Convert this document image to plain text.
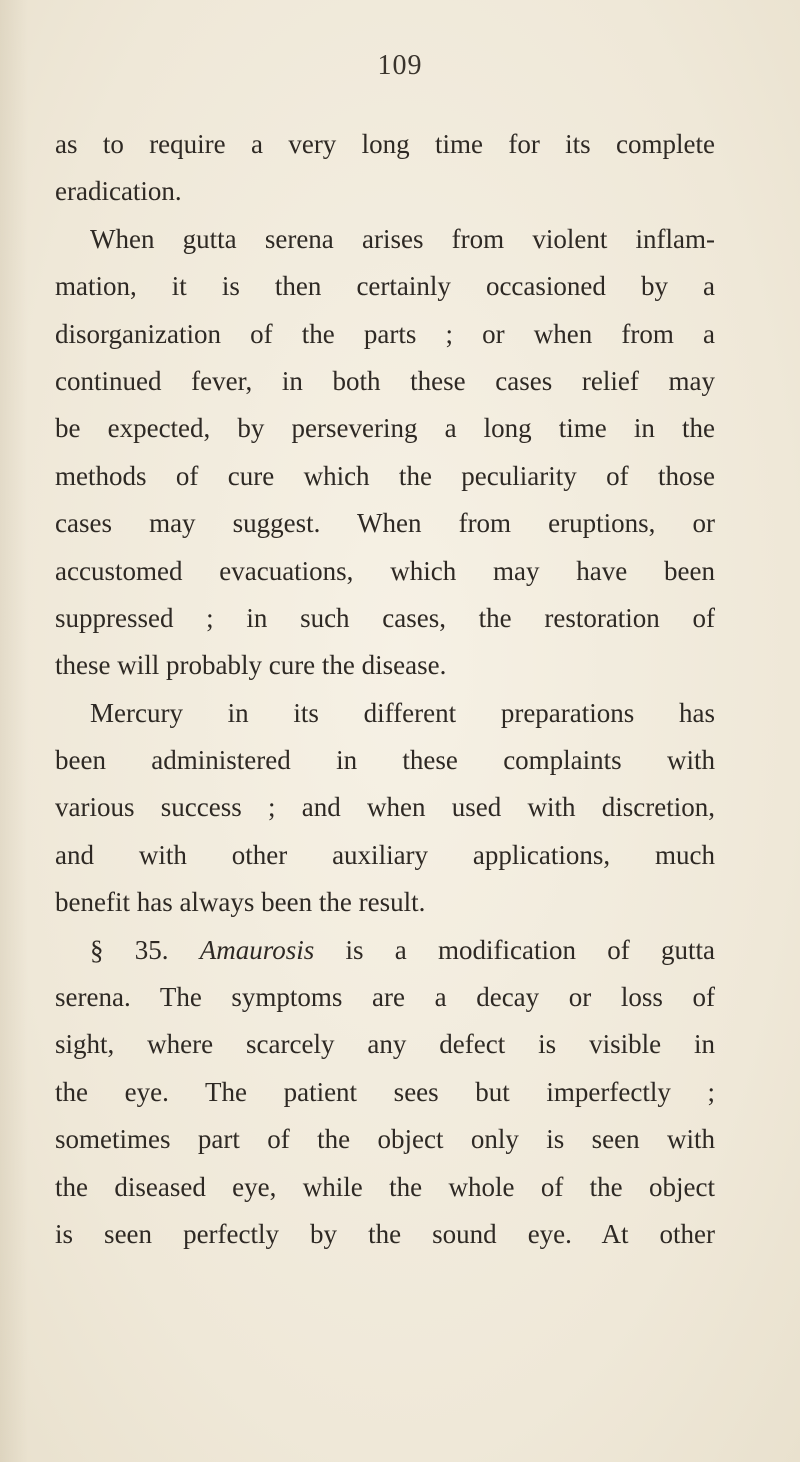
109
as to require a very long time for its complete
eradication.
When gutta serena arises from violent inflam-
mation, it is then certainly occasioned by a
disorganization of the parts ; or when from a
continued fever, in both these cases relief may
be expected, by persevering a long time in the
methods of cure which the peculiarity of those
cases may suggest. When from eruptions, or
accustomed evacuations, which may have been
suppressed ; in such cases, the restoration of
these will probably cure the disease.
Mercury in its different preparations has
been administered in these complaints with
various success ; and when used with discretion,
and with other auxiliary applications, much
benefit has always been the result.
§ 35. Amaurosis is a modification of gutta
serena. The symptoms are a decay or loss of
sight, where scarcely any defect is visible in
the eye. The patient sees but imperfectly ;
sometimes part of the object only is seen with
the diseased eye, while the whole of the object
is seen perfectly by the sound eye. At other
